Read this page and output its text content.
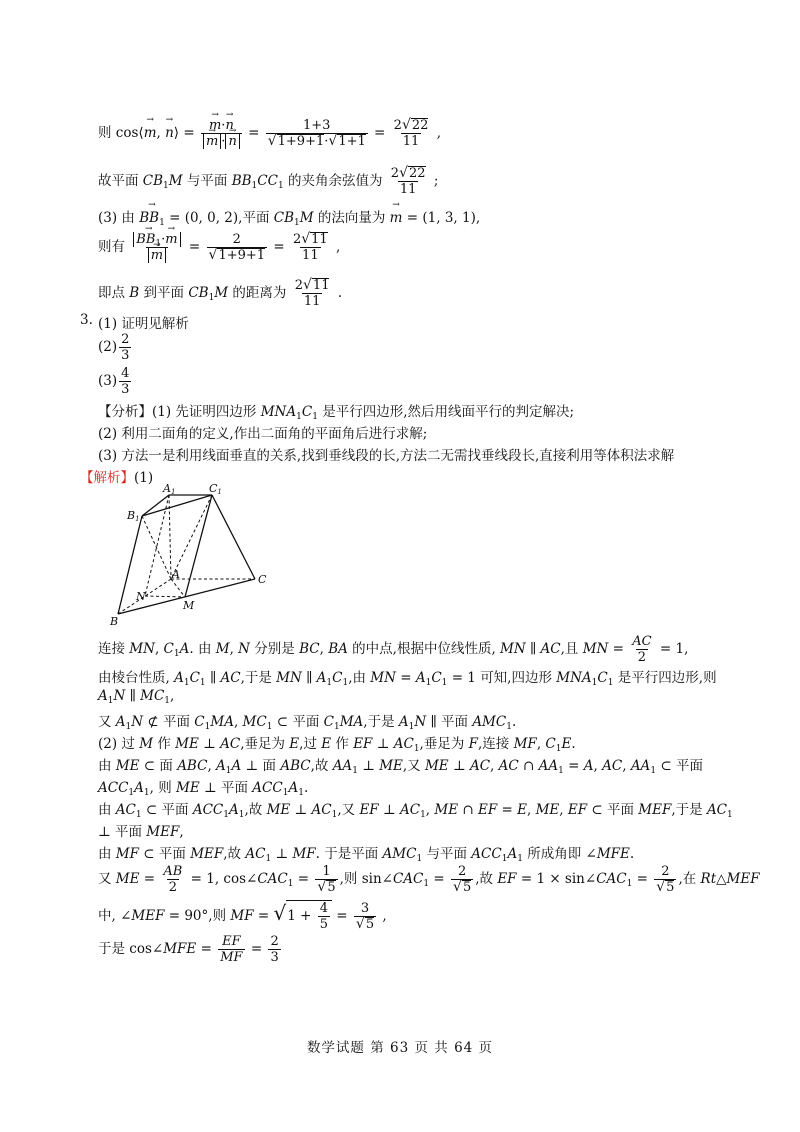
则 cos⟨→ m, → n⟩ =
→ m·→ n
→ $m \cdot\to n = \frac{1+3}{√1+9+1\cdot√1+1} = \frac{2√22}{11}$ ,
故平面 $CB_1M$ 与平面 $BB_1CC_1$ 的夹角余弦值为 $\frac{2√22}{11}$ ;
(3) 由 → $BB_1 = (0$, 0, 2),平面 $CB_1M$ 的法向量为 → m = (1, 3, 1),
则有
→ $BB_1\cdot\to m$
→ $m = \frac{2}{√1+9+1} = \frac{2√11}{11}$ ,
即点 B 到平面 $CB_1M$ 的距离为 $\frac{2√11}{11}$ .
3. (1) 证明见解析
$(2) \frac{2}{3}$
$(3) \frac{4}{3}$
【分析】(1) 先证明四边形 $MNA_1C_1$ 是平行四边形,然后用线面平行的判定解决;
(2) 利用二面角的定义,作出二面角的平面角后进行求解;
(3) 方法一是利用线面垂直的关系,找到垂线段的长,方法二无需找垂线段长,直接利用等体积法求解
【解析】(1)
A1	C1
B1
A	C
N
M
B
连接 MN, $C_1A$. 由 M, N 分别是 BC, BA 的中点,根据中位线性质, MN ∥ AC,且 MN = $\frac{AC}{2} = 1$,
由棱台性质, $A_1C_1$ ∥ AC,于是 MN ∥ $A_1C_1$,由 MN = $A_1C_1 = 1$ 可知,四边形 $MNA_1C_1$ 是平行四边形,则
$A_1N$ ∥ $MC_1$,
又 $A_1N$ ⊄ 平面 $C_1MA$, $MC_1$ ⊂ 平面 $C_1MA$,于是 $A_1N$ ∥ 平面 $AMC_1$.
(2) 过 M 作 ME ⊥ AC,垂足为 E,过 E 作 EF ⊥ $AC_1$,垂足为 F,连接 MF, $C_1E$.
由 ME ⊂ 面 ABC, $A_1A$ ⊥ 面 ABC,故 $AA_1$ ⊥ ME,又 ME ⊥ AC, AC ∩ $AA_1 = A$, AC, $AA_1$ ⊂ 平面
$ACC_1A_1$, 则 ME ⊥ 平面 $ACC_1A_1$.
由 $AC_1$ ⊂ 平面 $ACC_1A_1$,故 ME ⊥ $AC_1$,又 EF ⊥ $AC_1$, ME ∩ EF = E, ME, EF ⊂ 平面 MEF,于是 $AC_1$
⊥ 平面 MEF,
由 MF ⊂ 平面 MEF,故 $AC_1$ ⊥ MF. 于是平面 $AMC_1$ 与平面 $ACC_1A_1$ 所成角即 ∠MFE.
又 ME = $\frac{AB}{2} = 1$, $\cos\angle CAC_1 = \frac{1}{√5}$ ,则 $\sin\angle CAC_1 = \frac{2}{√5}$ ,故 EF = $1 \times \sin\angle CAC_1 = \frac{2}{√5}$ ,在 Rt△MEF
中, ∠MEF = 90°,则 MF = $√1 + \frac{4}{5} = \frac{3}{√5}$ ,
于是 cos∠MFE = $\frac{EF}{MF} = \frac{2}{3}$
数学试题 第 63 页 共 64 页
